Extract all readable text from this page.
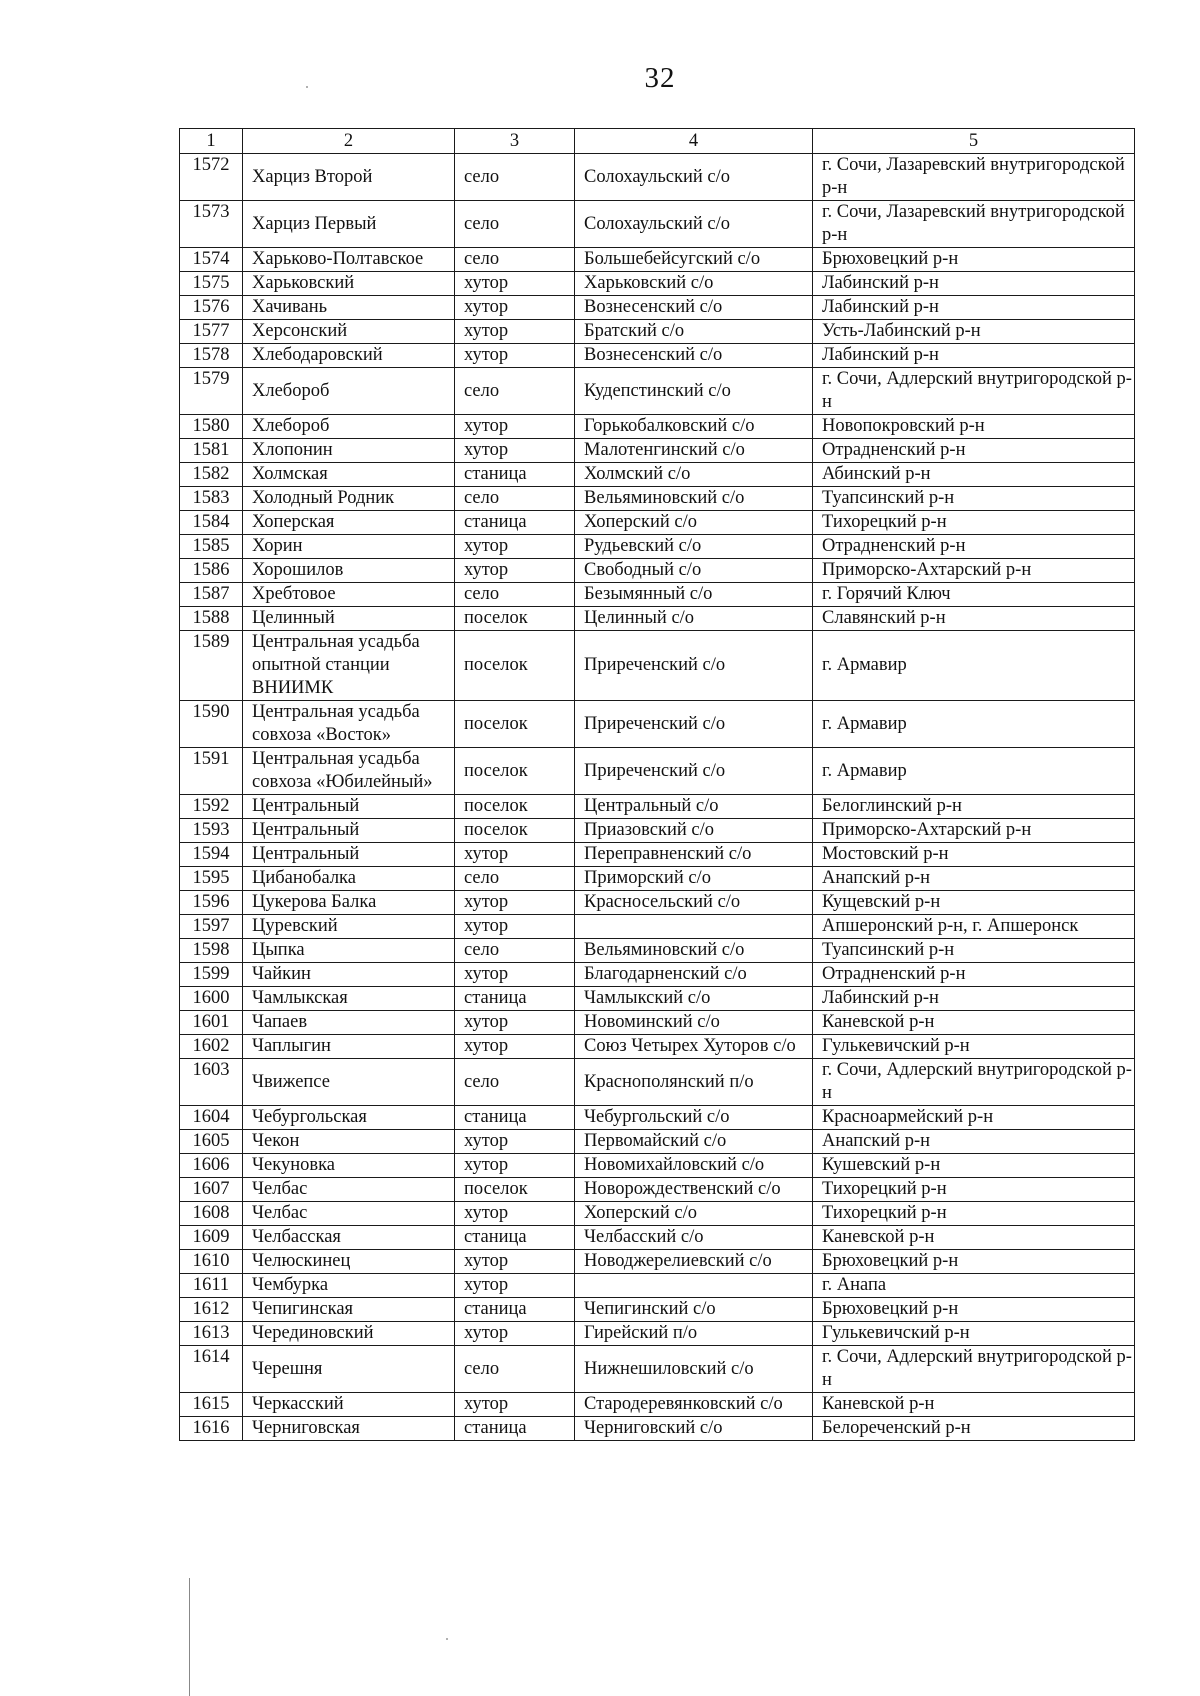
32
1	2	3	4	5
1572	Харциз Второй	село	Солохаульский с/о	г. Сочи, Лазаревский внутригородской р-н
1573	Харциз Первый	село	Солохаульский с/о	г. Сочи, Лазаревский внутригородской р-н
1574	Харьково-Полтавское	село	Большебейсугский с/о	Брюховецкий р-н
1575	Харьковский	хутор	Харьковский с/о	Лабинский р-н
1576	Хачивань	хутор	Вознесенский с/о	Лабинский р-н
1577	Херсонский	хутор	Братский с/о	Усть-Лабинский р-н
1578	Хлебодаровский	хутор	Вознесенский с/о	Лабинский р-н
1579	Хлебороб	село	Кудепстинский с/о	г. Сочи, Адлерский внутригородской р-н
1580	Хлебороб	хутор	Горькобалковский с/о	Новопокровский р-н
1581	Хлопонин	хутор	Малотенгинский с/о	Отрадненский р-н
1582	Холмская	станица	Холмский с/о	Абинский р-н
1583	Холодный Родник	село	Вельяминовский с/о	Туапсинский р-н
1584	Хоперская	станица	Хоперский с/о	Тихорецкий р-н
1585	Хорин	хутор	Рудьевский с/о	Отрадненский р-н
1586	Хорошилов	хутор	Свободный с/о	Приморско-Ахтарский р-н
1587	Хребтовое	село	Безымянный с/о	г. Горячий Ключ
1588	Целинный	поселок	Целинный с/о	Славянский р-н
1589	Центральная усадьба опытной станции ВНИИМК	поселок	Приреченский с/о	г. Армавир
1590	Центральная усадьба совхоза «Восток»	поселок	Приреченский с/о	г. Армавир
1591	Центральная усадьба совхоза «Юбилейный»	поселок	Приреченский с/о	г. Армавир
1592	Центральный	поселок	Центральный с/о	Белоглинский р-н
1593	Центральный	поселок	Приазовский с/о	Приморско-Ахтарский р-н
1594	Центральный	хутор	Переправненский с/о	Мостовский р-н
1595	Цибанобалка	село	Приморский с/о	Анапский р-н
1596	Цукерова Балка	хутор	Красносельский с/о	Кущевский р-н
1597	Цуревский	хутор		Апшеронский р-н, г. Апшеронск
1598	Цыпка	село	Вельяминовский с/о	Туапсинский р-н
1599	Чайкин	хутор	Благодарненский с/о	Отрадненский р-н
1600	Чамлыкская	станица	Чамлыкский с/о	Лабинский р-н
1601	Чапаев	хутор	Новоминский с/о	Каневской р-н
1602	Чаплыгин	хутор	Союз Четырех Хуторов с/о	Гулькевичский р-н
1603	Чвижепсе	село	Краснополянский п/о	г. Сочи, Адлерский внутригородской р-н
1604	Чебургольская	станица	Чебургольский с/о	Красноармейский р-н
1605	Чекон	хутор	Первомайский с/о	Анапский р-н
1606	Чекуновка	хутор	Новомихайловский с/о	Кушевский р-н
1607	Челбас	поселок	Новорождественский с/о	Тихорецкий р-н
1608	Челбас	хутор	Хоперский с/о	Тихорецкий р-н
1609	Челбасская	станица	Челбасский с/о	Каневской р-н
1610	Челюскинец	хутор	Новоджерелиевский с/о	Брюховецкий р-н
1611	Чембурка	хутор		г. Анапа
1612	Чепигинская	станица	Чепигинский с/о	Брюховецкий р-н
1613	Черединовский	хутор	Гирейский п/о	Гулькевичский р-н
1614	Черешня	село	Нижнешиловский с/о	г. Сочи, Адлерский внутригородской р-н
1615	Черкасский	хутор	Стародеревянковский с/о	Каневской р-н
1616	Черниговская	станица	Черниговский с/о	Белореченский р-н
